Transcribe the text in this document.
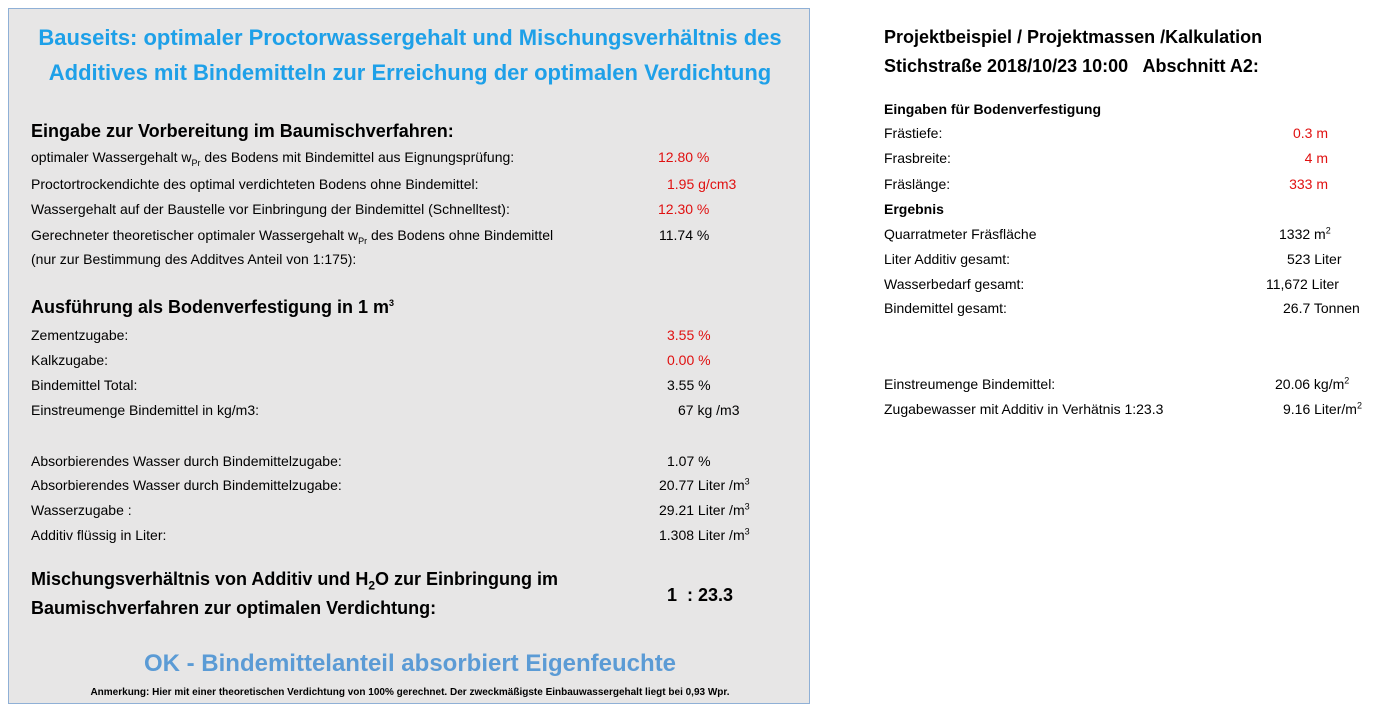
Bauseits: optimaler Proctorwassergehalt und Mischungsverhältnis des
Additives mit Bindemitteln zur Erreichung der optimalen Verdichtung
Eingabe zur Vorbereitung im Baumischverfahren:
optimaler Wassergehalt $w_{Pr}$ des Bodens mit Bindemittel aus Eignungsprüfung:	12.80 %
Proctortrockendichte des optimal verdichteten Bodens ohne Bindemittel:	1.95 g/cm3
Wassergehalt auf der Baustelle vor Einbringung der Bindemittel (Schnelltest):	12.30 %
Gerechneter theoretischer optimaler Wassergehalt $w_{Pr}$ des Bodens ohne Bindemittel	11.74 %
(nur zur Bestimmung des Additves Anteil von 1:175):
Ausführung als Bodenverfestigung in 1 $m^3$
Zementzugabe:	3.55 %
Kalkzugabe:	0.00 %
Bindemittel Total:	3.55 %
Einstreumenge Bindemittel in kg/m3:	67 kg /m3
Absorbierendes Wasser durch Bindemittelzugabe:	1.07 %
Absorbierendes Wasser durch Bindemittelzugabe:	20.77 Liter $/m^3$
Wasserzugabe :	29.21 Liter $/m^3$
Additiv flüssig in Liter:	1.308 Liter $/m^3$
Mischungsverhältnis von Additiv und $H_2O$ zur Einbringung im
Baumischverfahren zur optimalen Verdichtung:
1  : 23.3
OK - Bindemittelanteil absorbiert Eigenfeuchte
Anmerkung: Hier mit einer theoretischen Verdichtung von 100% gerechnet. Der zweckmäßigste Einbauwassergehalt liegt bei 0,93 Wpr.
Projektbeispiel / Projektmassen /Kalkulation
Stichstraße 2018/10/23 10:00   Abschnitt A2:
Eingaben für Bodenverfestigung
Frästiefe:	0.3 m
Frasbreite:	4 m
Fräslänge:	333 m
Ergebnis
Quarratmeter Fräsfläche	1332 $m^2$
Liter Additiv gesamt:	523 Liter
Wasserbedarf gesamt:	11,672 Liter
Bindemittel gesamt:	26.7 Tonnen
Einstreumenge Bindemittel:	20.06 $kg/m^2$
Zugabewasser mit Additiv in Verhätnis 1:23.3	9.16 Liter/$m^2$
